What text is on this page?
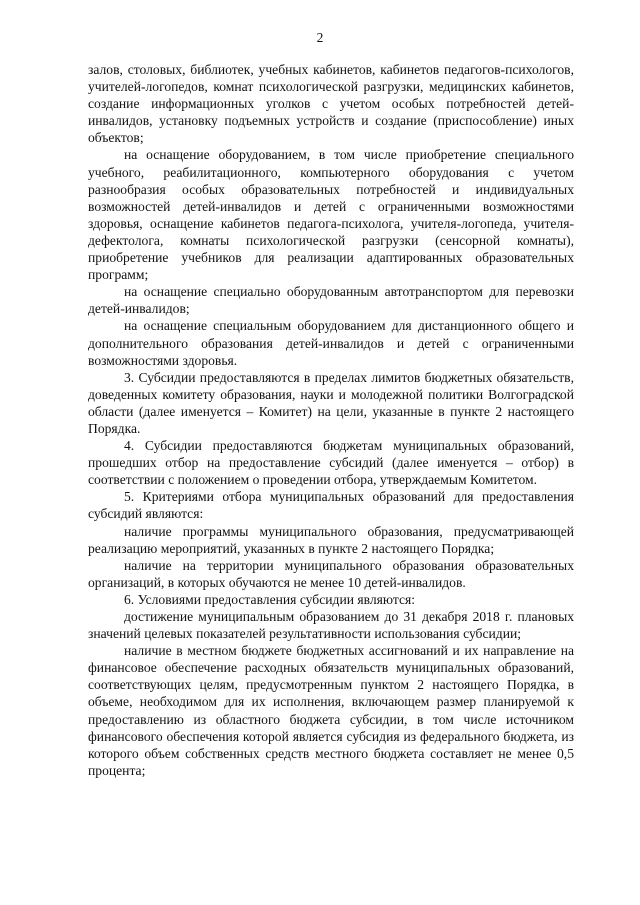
2

залов, столовых, библиотек, учебных кабинетов, кабинетов педагогов-психологов, учителей-логопедов, комнат психологической разгрузки, медицинских кабинетов, создание информационных уголков с учетом особых потребностей детей-инвалидов, установку подъемных устройств и создание (приспособление) иных объектов;

на оснащение оборудованием, в том числе приобретение специального учебного, реабилитационного, компьютерного оборудования с учетом разнообразия особых образовательных потребностей и индивидуальных возможностей детей-инвалидов и детей с ограниченными возможностями здоровья, оснащение кабинетов педагога-психолога, учителя-логопеда, учителя-дефектолога, комнаты психологической разгрузки (сенсорной комнаты), приобретение учебников для реализации адаптированных образовательных программ;

на оснащение специально оборудованным автотранспортом для перевозки детей-инвалидов;

на оснащение специальным оборудованием для дистанционного общего и дополнительного образования детей-инвалидов и детей с ограниченными возможностями здоровья.

3. Субсидии предоставляются в пределах лимитов бюджетных обязательств, доведенных комитету образования, науки и молодежной политики Волгоградской области (далее именуется – Комитет) на цели, указанные в пункте 2 настоящего Порядка.

4. Субсидии предоставляются бюджетам муниципальных образований, прошедших отбор на предоставление субсидий (далее именуется – отбор) в соответствии с положением о проведении отбора, утверждаемым Комитетом.

5. Критериями отбора муниципальных образований для предоставления субсидий являются:

наличие программы муниципального образования, предусматривающей реализацию мероприятий, указанных в пункте 2 настоящего Порядка;

наличие на территории муниципального образования образовательных организаций, в которых обучаются не менее 10 детей-инвалидов.

6. Условиями предоставления субсидии являются:

достижение муниципальным образованием до 31 декабря 2018 г. плановых значений целевых показателей результативности использования субсидии;

наличие в местном бюджете бюджетных ассигнований и их направление на финансовое обеспечение расходных обязательств муниципальных образований, соответствующих целям, предусмотренным пунктом 2 настоящего Порядка, в объеме, необходимом для их исполнения, включающем размер планируемой к предоставлению из областного бюджета субсидии, в том числе источником финансового обеспечения которой является субсидия из федерального бюджета, из которого объем собственных средств местного бюджета составляет не менее 0,5 процента;
